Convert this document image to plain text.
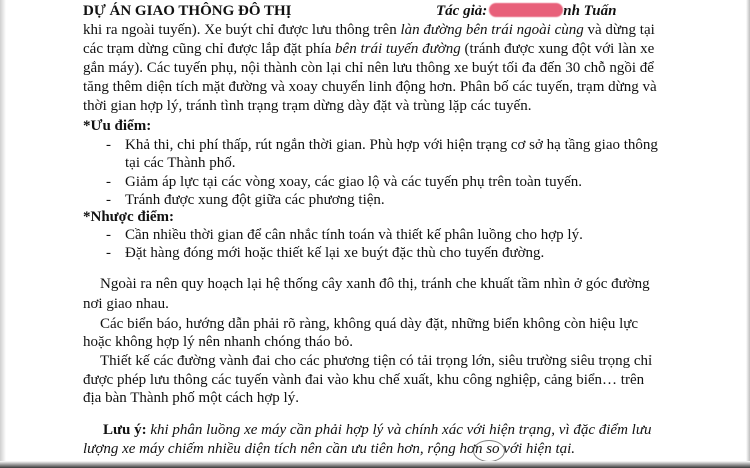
DỰ ÁN GIAO THÔNG ĐÔ THỊ	Tác giả:	nh Tuấn
khi ra ngoài tuyến). Xe buýt chỉ được lưu thông trên làn đường bên trái ngoài cùng và dừng tại
các trạm dừng cũng chỉ được lắp đặt phía bên trái tuyến đường (tránh được xung đột với làn xe
gắn máy). Các tuyến phụ, nội thành còn lại chỉ nên lưu thông xe buýt tối đa đến 30 chỗ ngồi để
tăng thêm diện tích mặt đường và xoay chuyển linh động hơn. Phân bố các tuyến, trạm dừng và
thời gian hợp lý, tránh tình trạng trạm dừng dày đặt và trùng lặp các tuyến.
*Ưu điểm:
- Khả thi, chi phí thấp, rút ngắn thời gian. Phù hợp với hiện trạng cơ sở hạ tầng giao thông
tại các Thành phố.
- Giảm áp lực tại các vòng xoay, các giao lộ và các tuyến phụ trên toàn tuyến.
- Tránh được xung đột giữa các phương tiện.
*Nhược điểm:
- Cần nhiều thời gian để cân nhắc tính toán và thiết kế phân luồng cho hợp lý.
- Đặt hàng đóng mới hoặc thiết kế lại xe buýt đặc thù cho tuyến đường.
Ngoài ra nên quy hoạch lại hệ thống cây xanh đô thị, tránh che khuất tầm nhìn ở góc đường
nơi giao nhau.
Các biển báo, hướng dẫn phải rõ ràng, không quá dày đặt, những biển không còn hiệu lực
hoặc không hợp lý nên nhanh chóng tháo bỏ.
Thiết kế các đường vành đai cho các phương tiện có tải trọng lớn, siêu trường siêu trọng chỉ
được phép lưu thông các tuyến vành đai vào khu chế xuất, khu công nghiệp, cảng biển… trên
địa bàn Thành phố một cách hợp lý.
Lưu ý: khi phân luồng xe máy cần phải hợp lý và chính xác với hiện trạng, vì đặc điểm lưu
lượng xe máy chiếm nhiều diện tích nên cần ưu tiên hơn, rộng hơn so với hiện tại.
